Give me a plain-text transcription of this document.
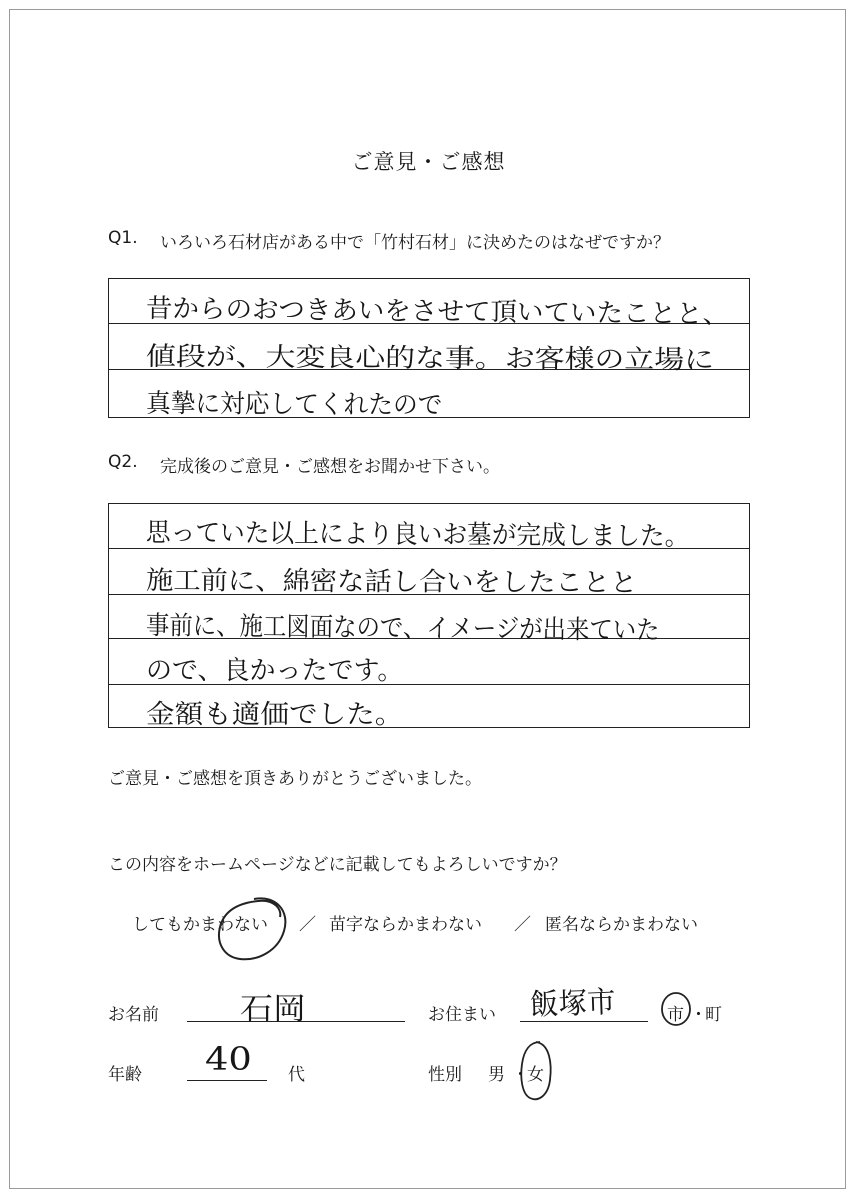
ご意見・ご感想
Q1. いろいろ石材店がある中で「竹村石材」に決めたのはなぜですか？
昔からのおつきあいをさせて頂いていたことと、
値段が、大変良心的な事。お客様の立場に
真摯に対応してくれたので
Q2. 完成後のご意見・ご感想をお聞かせ下さい。
思っていた以上により良いお墓が完成しました。
施工前に、綿密な話し合いをしたことと
事前に、施工図面なので、イメージが出来ていた
ので、良かったです。
金額も適価でした。
ご意見・ご感想を頂きありがとうございました。
この内容をホームページなどに記載してもよろしいですか？
してもかまわない ／ 苗字ならかまわない ／ 匿名ならかまわない
お名前	石岡	お住まい 飯塚市	市 ・
町
年齢 40 代	性別 男 ・
女
